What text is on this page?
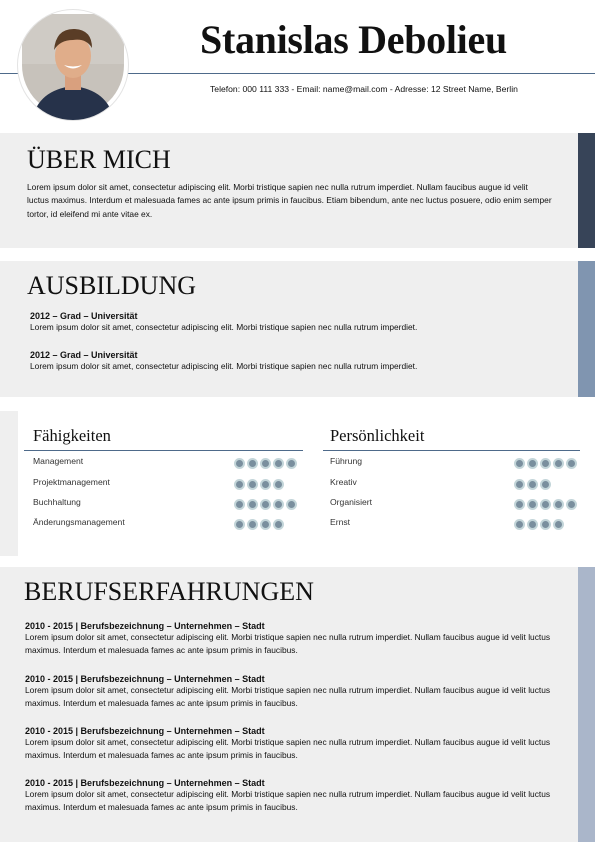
Stanislas Debolieu
Telefon: 000 111 333 - Email: name@mail.com - Adresse: 12 Street Name, Berlin
ÜBER MICH
Lorem ipsum dolor sit amet, consectetur adipiscing elit. Morbi tristique sapien nec nulla rutrum imperdiet. Nullam faucibus augue id velit luctus maximus. Interdum et malesuada fames ac ante ipsum primis in faucibus. Etiam bibendum, ante nec luctus posuere, odio enim semper tortor, id eleifend mi ante vitae ex.
AUSBILDUNG
2012 – Grad – Universität
Lorem ipsum dolor sit amet, consectetur adipiscing elit. Morbi tristique sapien nec nulla rutrum imperdiet.
2012 – Grad – Universität
Lorem ipsum dolor sit amet, consectetur adipiscing elit. Morbi tristique sapien nec nulla rutrum imperdiet.
Fähigkeiten	Persönlichkeit
Management
Projektmanagement
Buchhaltung
Änderungsmanagement
Führung
Kreativ
Organisiert
Ernst
BERUFSERFAHRUNGEN
2010 - 2015 | Berufsbezeichnung – Unternehmen – Stadt
Lorem ipsum dolor sit amet, consectetur adipiscing elit. Morbi tristique sapien nec nulla rutrum imperdiet. Nullam faucibus augue id velit luctus maximus. Interdum et malesuada fames ac ante ipsum primis in faucibus.
2010 - 2015 | Berufsbezeichnung – Unternehmen – Stadt
Lorem ipsum dolor sit amet, consectetur adipiscing elit. Morbi tristique sapien nec nulla rutrum imperdiet. Nullam faucibus augue id velit luctus maximus. Interdum et malesuada fames ac ante ipsum primis in faucibus.
2010 - 2015 | Berufsbezeichnung – Unternehmen – Stadt
Lorem ipsum dolor sit amet, consectetur adipiscing elit. Morbi tristique sapien nec nulla rutrum imperdiet. Nullam faucibus augue id velit luctus maximus. Interdum et malesuada fames ac ante ipsum primis in faucibus.
2010 - 2015 | Berufsbezeichnung – Unternehmen – Stadt
Lorem ipsum dolor sit amet, consectetur adipiscing elit. Morbi tristique sapien nec nulla rutrum imperdiet. Nullam faucibus augue id velit luctus maximus. Interdum et malesuada fames ac ante ipsum primis in faucibus.
